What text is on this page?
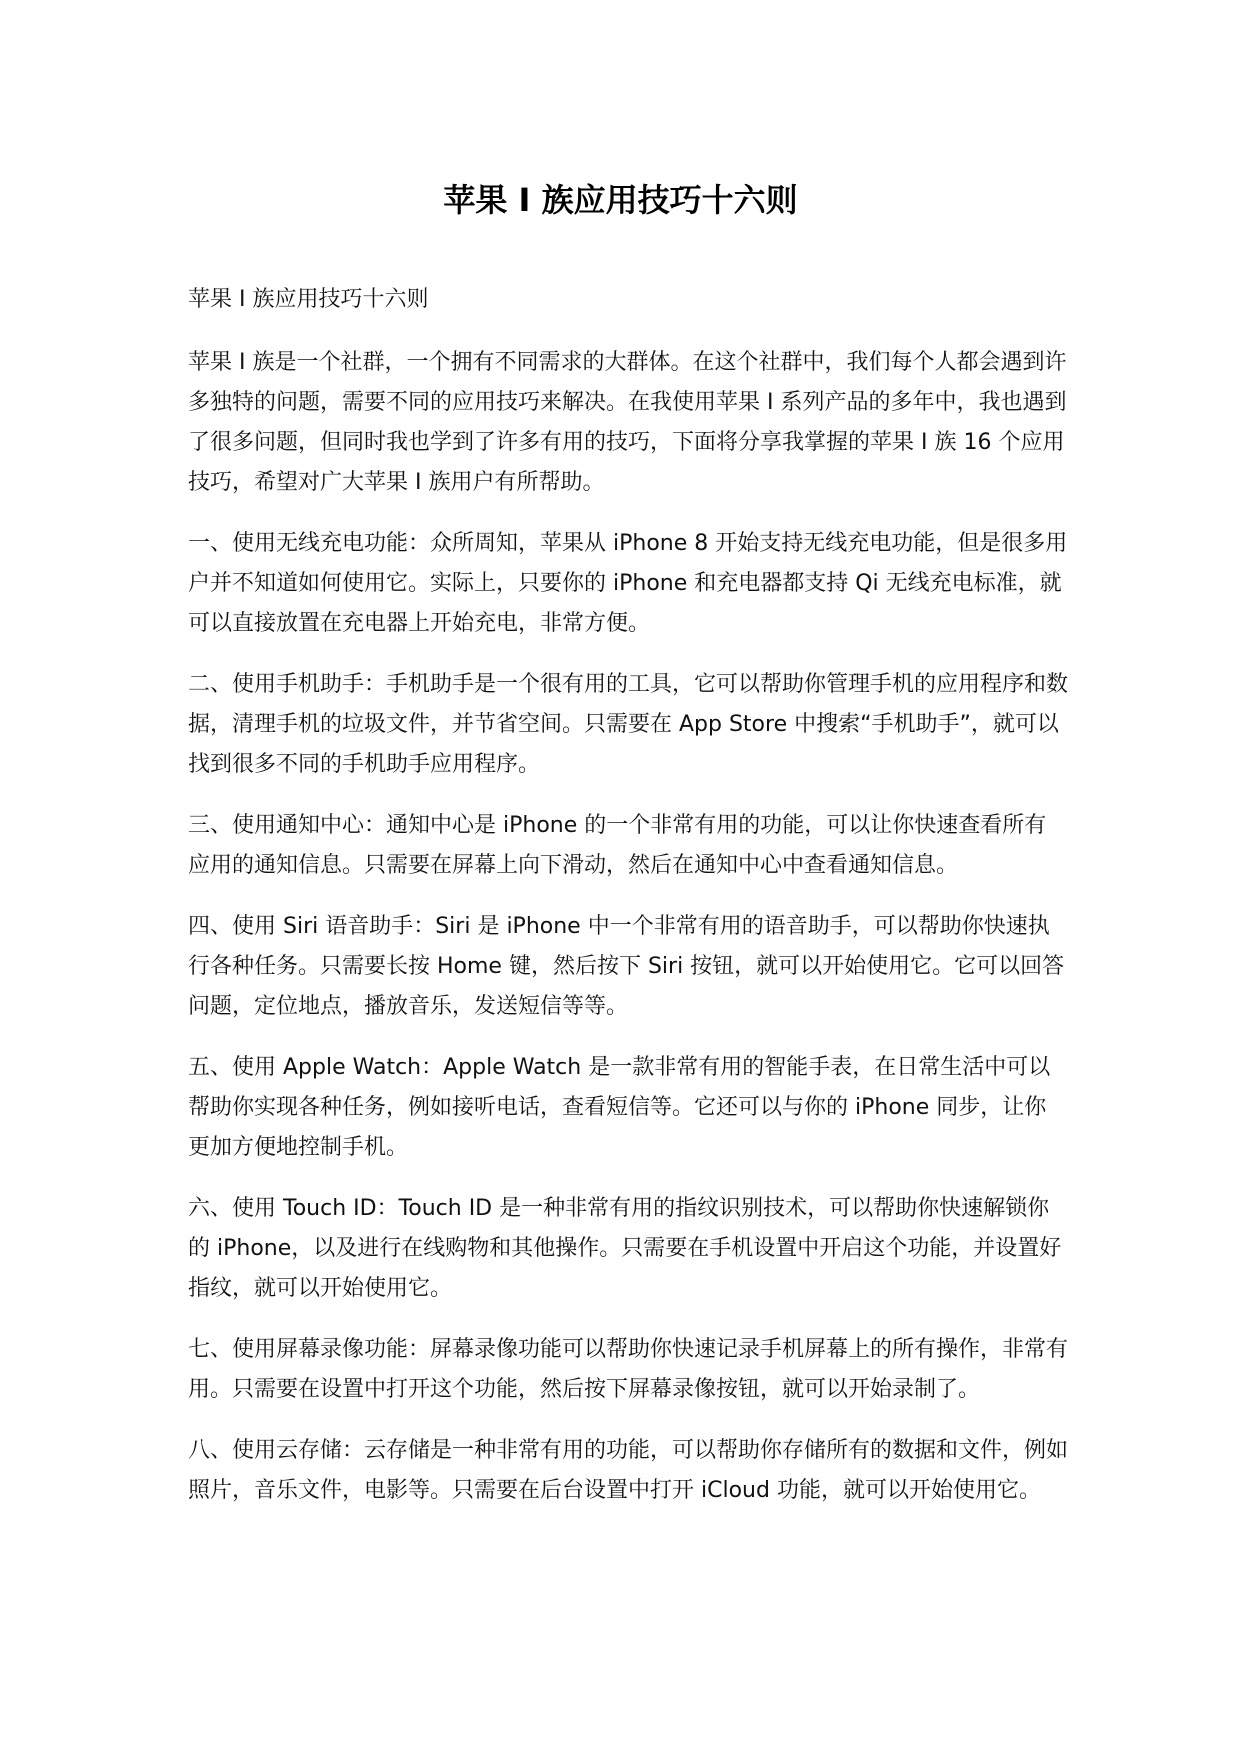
苹果 I 族应用技巧十六则

苹果 I 族应用技巧十六则

苹果 I 族是一个社群，一个拥有不同需求的大群体。在这个社群中，我们每个人都会遇到许多独特的问题，需要不同的应用技巧来解决。在我使用苹果 I 系列产品的多年中，我也遇到了很多问题，但同时我也学到了许多有用的技巧，下面将分享我掌握的苹果 I 族 16 个应用技巧，希望对广大苹果 I 族用户有所帮助。

一、使用无线充电功能：众所周知，苹果从 iPhone 8 开始支持无线充电功能，但是很多用户并不知道如何使用它。实际上，只要你的 iPhone 和充电器都支持 Qi 无线充电标准，就可以直接放置在充电器上开始充电，非常方便。

二、使用手机助手：手机助手是一个很有用的工具，它可以帮助你管理手机的应用程序和数据，清理手机的垃圾文件，并节省空间。只需要在 App Store 中搜索“手机助手”，就可以找到很多不同的手机助手应用程序。

三、使用通知中心：通知中心是 iPhone 的一个非常有用的功能，可以让你快速查看所有应用的通知信息。只需要在屏幕上向下滑动，然后在通知中心中查看通知信息。

四、使用 Siri 语音助手：Siri 是 iPhone 中一个非常有用的语音助手，可以帮助你快速执行各种任务。只需要长按 Home 键，然后按下 Siri 按钮，就可以开始使用它。它可以回答问题，定位地点，播放音乐，发送短信等等。

五、使用 Apple Watch：Apple Watch 是一款非常有用的智能手表，在日常生活中可以帮助你实现各种任务，例如接听电话，查看短信等。它还可以与你的 iPhone 同步，让你更加方便地控制手机。

六、使用 Touch ID：Touch ID 是一种非常有用的指纹识别技术，可以帮助你快速解锁你的 iPhone，以及进行在线购物和其他操作。只需要在手机设置中开启这个功能，并设置好指纹，就可以开始使用它。

七、使用屏幕录像功能：屏幕录像功能可以帮助你快速记录手机屏幕上的所有操作，非常有用。只需要在设置中打开这个功能，然后按下屏幕录像按钮，就可以开始录制了。

八、使用云存储：云存储是一种非常有用的功能，可以帮助你存储所有的数据和文件，例如照片，音乐文件，电影等。只需要在后台设置中打开 iCloud 功能，就可以开始使用它。
